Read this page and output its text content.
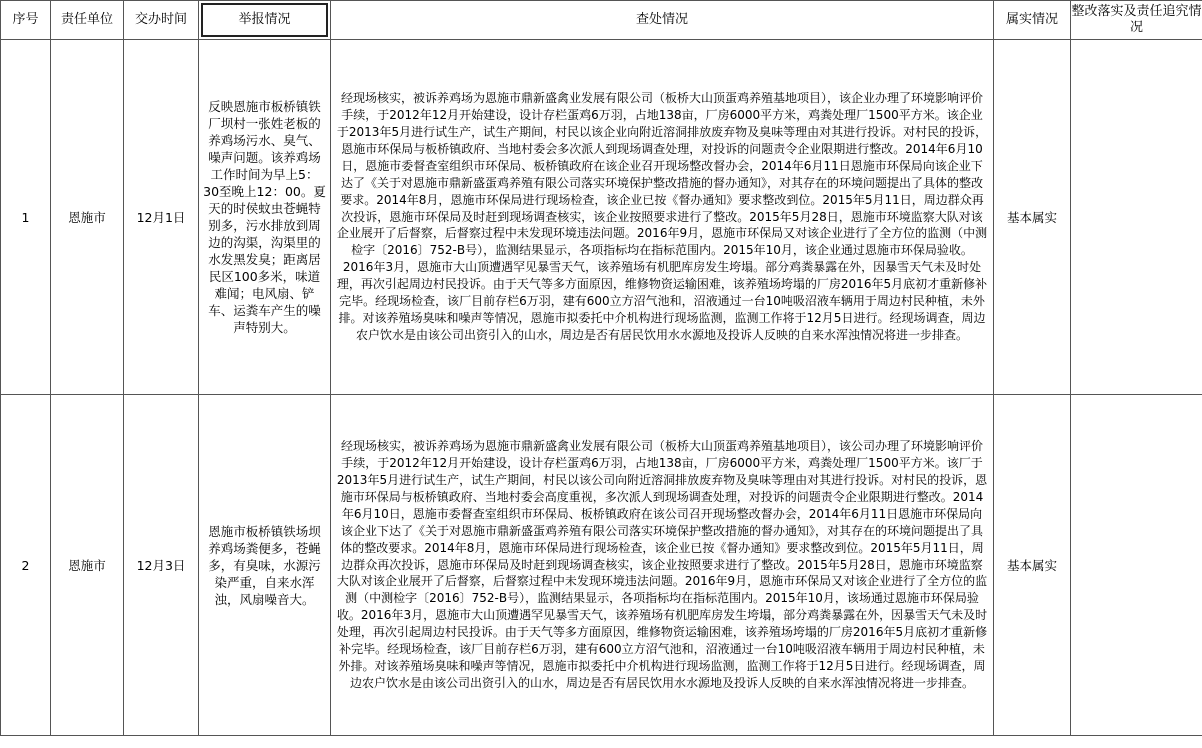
序号	责任单位	交办时间	举报情况	查处情况	属实情况	整改落实及责任追究情况
1	恩施市	12月1日	反映恩施市板桥镇铁厂坝村一张姓老板的养鸡场污水、臭气、噪声问题。该养鸡场工作时间为早上5：30至晚上12：00。夏天的时侯蚊虫苍蝇特别多，污水排放到周边的沟渠，沟渠里的水发黑发臭；距离居民区100多米，味道难闻；电风扇、铲车、运粪车产生的噪声特别大。	经现场核实，被诉养鸡场为恩施市鼎新盛禽业发展有限公司（板桥大山顶蛋鸡养殖基地项目），该企业办理了环境影响评价手续，于2012年12月开始建设，设计存栏蛋鸡6万羽，占地138亩，厂房6000平方米，鸡粪处理厂1500平方米。该企业于2013年5月进行试生产，试生产期间，村民以该企业向附近溶洞排放废弃物及臭味等理由对其进行投诉。对村民的投诉，恩施市环保局与板桥镇政府、当地村委会多次派人到现场调查处理，对投诉的问题责令企业限期进行整改。2014年6月10日，恩施市委督查室组织市环保局、板桥镇政府在该企业召开现场整改督办会，2014年6月11日恩施市环保局向该企业下达了《关于对恩施市鼎新盛蛋鸡养殖有限公司落实环境保护整改措施的督办通知》，对其存在的环境问题提出了具体的整改要求。2014年8月，恩施市环保局进行现场检查，该企业已按《督办通知》要求整改到位。2015年5月11日，周边群众再次投诉，恩施市环保局及时赶到现场调查核实，该企业按照要求进行了整改。2015年5月28日，恩施市环境监察大队对该企业展开了后督察，后督察过程中未发现环境违法问题。2016年9月，恩施市环保局又对该企业进行了全方位的监测（中测检字〔2016〕752-B号），监测结果显示，各项指标均在指标范围内。2015年10月，该企业通过恩施市环保局验收。2016年3月，恩施市大山顶遭遇罕见暴雪天气，该养殖场有机肥库房发生垮塌。部分鸡粪暴露在外，因暴雪天气未及时处理，再次引起周边村民投诉。由于天气等多方面原因，维修物资运输困难，该养殖场垮塌的厂房2016年5月底初才重新修补完毕。经现场检查，该厂目前存栏6万羽，建有600立方沼气池和，沼液通过一台10吨吸沼液车辆用于周边村民种植，未外排。对该养殖场臭味和噪声等情况，恩施市拟委托中介机构进行现场监测，监测工作将于12月5日进行。经现场调查，周边农户饮水是由该公司出资引入的山水，周边是否有居民饮用水水源地及投诉人反映的自来水浑浊情况将进一步排查。	基本属实	
2	恩施市	12月3日	恩施市板桥镇铁场坝养鸡场粪便多，苍蝇多，有臭味，水源污染严重，自来水浑浊，风扇噪音大。	经现场核实，被诉养鸡场为恩施市鼎新盛禽业发展有限公司（板桥大山顶蛋鸡养殖基地项目），该公司办理了环境影响评价手续，于2012年12月开始建设，设计存栏蛋鸡6万羽，占地138亩，厂房6000平方米，鸡粪处理厂1500平方米。该厂于2013年5月进行试生产，试生产期间，村民以该公司向附近溶洞排放废弃物及臭味等理由对其进行投诉。对村民的投诉，恩施市环保局与板桥镇政府、当地村委会高度重视，多次派人到现场调查处理，对投诉的问题责令企业限期进行整改。2014年6月10日，恩施市委督查室组织市环保局、板桥镇政府在该公司召开现场整改督办会，2014年6月11日恩施市环保局向该企业下达了《关于对恩施市鼎新盛蛋鸡养殖有限公司落实环境保护整改措施的督办通知》，对其存在的环境问题提出了具体的整改要求。2014年8月，恩施市环保局进行现场检查，该企业已按《督办通知》要求整改到位。2015年5月11日，周边群众再次投诉，恩施市环保局及时赶到现场调查核实，该企业按照要求进行了整改。2015年5月28日，恩施市环境监察大队对该企业展开了后督察，后督察过程中未发现环境违法问题。2016年9月，恩施市环保局又对该企业进行了全方位的监测（中测检字〔2016〕752-B号），监测结果显示，各项指标均在指标范围内。2015年10月，该场通过恩施市环保局验收。2016年3月，恩施市大山顶遭遇罕见暴雪天气，该养殖场有机肥库房发生垮塌，部分鸡粪暴露在外，因暴雪天气未及时处理，再次引起周边村民投诉。由于天气等多方面原因，维修物资运输困难，该养殖场垮塌的厂房2016年5月底初才重新修补完毕。经现场检查，该厂目前存栏6万羽，建有600立方沼气池和，沼液通过一台10吨吸沼液车辆用于周边村民种植，未外排。对该养殖场臭味和噪声等情况，恩施市拟委托中介机构进行现场监测，监测工作将于12月5日进行。经现场调查，周边农户饮水是由该公司出资引入的山水，周边是否有居民饮用水水源地及投诉人反映的自来水浑浊情况将进一步排查。	基本属实	
